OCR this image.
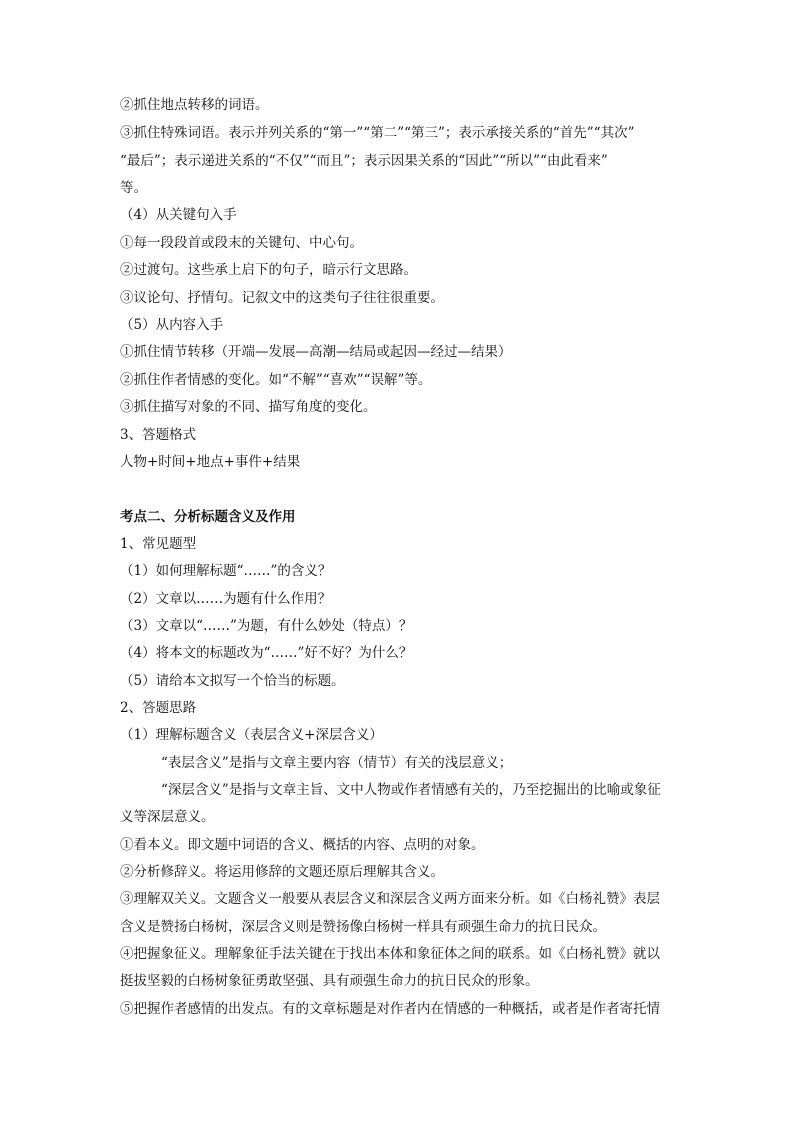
②抓住地点转移的词语。
③抓住特殊词语。表示并列关系的“第一”“第二”“第三”；表示承接关系的“首先”“其次”
“最后”；表示递进关系的“不仅”“而且”；表示因果关系的“因此”“所以”“由此看来”
等。
（4）从关键句入手
①每一段段首或段末的关键句、中心句。
②过渡句。这些承上启下的句子，暗示行文思路。
③议论句、抒情句。记叙文中的这类句子往往很重要。
（5）从内容入手
①抓住情节转移（开端—发展—高潮—结局或起因—经过—结果）
②抓住作者情感的变化。如“不解”“喜欢”“误解”等。
③抓住描写对象的不同、描写角度的变化。
3、答题格式
人物+时间+地点+事件+结果
考点二、分析标题含义及作用
1、常见题型
（1）如何理解标题“……”的含义？
（2）文章以……为题有什么作用？
（3）文章以“……”为题，有什么妙处（特点）？
（4）将本文的标题改为“……”好不好？为什么？
（5）请给本文拟写一个恰当的标题。
2、答题思路
（1）理解标题含义（表层含义+深层含义）
“表层含义”是指与文章主要内容（情节）有关的浅层意义；
“深层含义”是指与文章主旨、文中人物或作者情感有关的，乃至挖掘出的比喻或象征
义等深层意义。
①看本义。即文题中词语的含义、概括的内容、点明的对象。
②分析修辞义。将运用修辞的文题还原后理解其含义。
③理解双关义。文题含义一般要从表层含义和深层含义两方面来分析。如《白杨礼赞》表层
含义是赞扬白杨树，深层含义则是赞扬像白杨树一样具有顽强生命力的抗日民众。
④把握象征义。理解象征手法关键在于找出本体和象征体之间的联系。如《白杨礼赞》就以
挺拔坚毅的白杨树象征勇敢坚强、具有顽强生命力的抗日民众的形象。
⑤把握作者感情的出发点。有的文章标题是对作者内在情感的一种概括，或者是作者寄托情
